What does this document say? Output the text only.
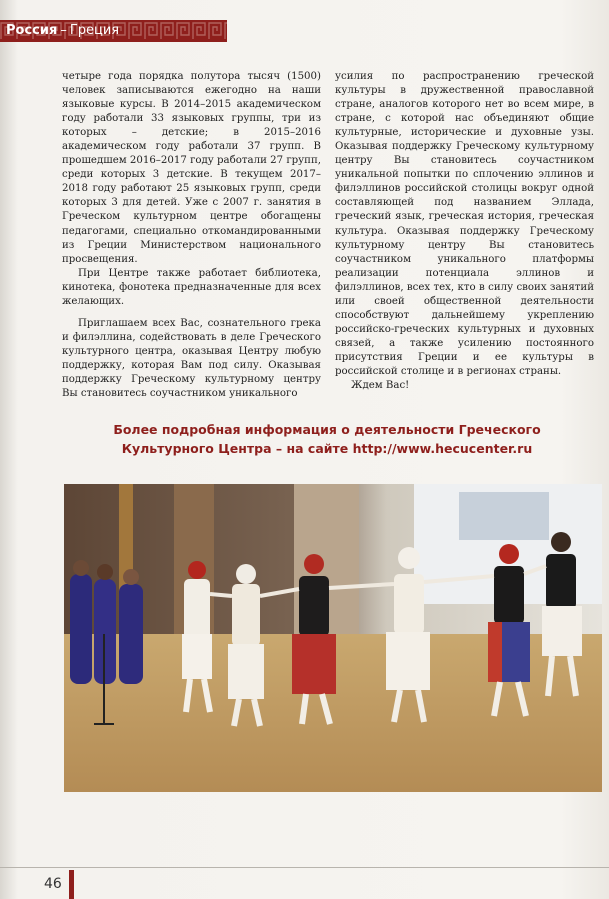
Россия – Греция

четыре года порядка полутора тысяч (1500) человек записываются ежегодно на наши языковые курсы. В 2014–2015 академическом году работали 33 языковых группы, три из которых – детские; в 2015–2016 академическом году работали 37 групп. В прошедшем 2016–2017 году работали 27 групп, среди которых 3 детские. В текущем 2017–2018 году работают 25 языковых групп, среди которых 3 для детей. Уже с 2007 г. занятия в Греческом культурном центре обогащены педагогами, специально откомандированными из Греции Министерством национального просвещения.

При Центре также работает библиотека, кинотека, фонотека предназначенные для всех желающих.

Приглашаем всех Вас, сознательного грека и филэллина, содействовать в деле Греческого культурного центра, оказывая Центру любую поддержку, которая Вам под силу. Оказывая поддержку Греческому культурному центру Вы становитесь соучастником уникального

усилия по распространению греческой культуры в дружественной православной стране, аналогов которого нет во всем мире, в стране, с которой нас объединяют общие культурные, исторические и духовные узы. Оказывая поддержку Греческому культурному центру Вы становитесь соучастником уникальной попытки по сплочению эллинов и филэллинов российской столицы вокруг одной составляющей под названием Эллада, греческий язык, греческая история, греческая культура. Оказывая поддержку Греческому культурному центру Вы становитесь соучастником уникального платформы реализации потенциала эллинов и филэллинов, всех тех, кто в силу своих занятий или своей общественной деятельности способствуют дальнейшему укреплению российско-греческих культурных и духовных связей, а также усилению постоянного присутствия Греции и ее культуры в российской столице и в регионах страны.

Ждем Вас!

Более подробная информация о деятельности Греческого
Культурного Центра – на сайте http://www.hecucenter.ru
46
